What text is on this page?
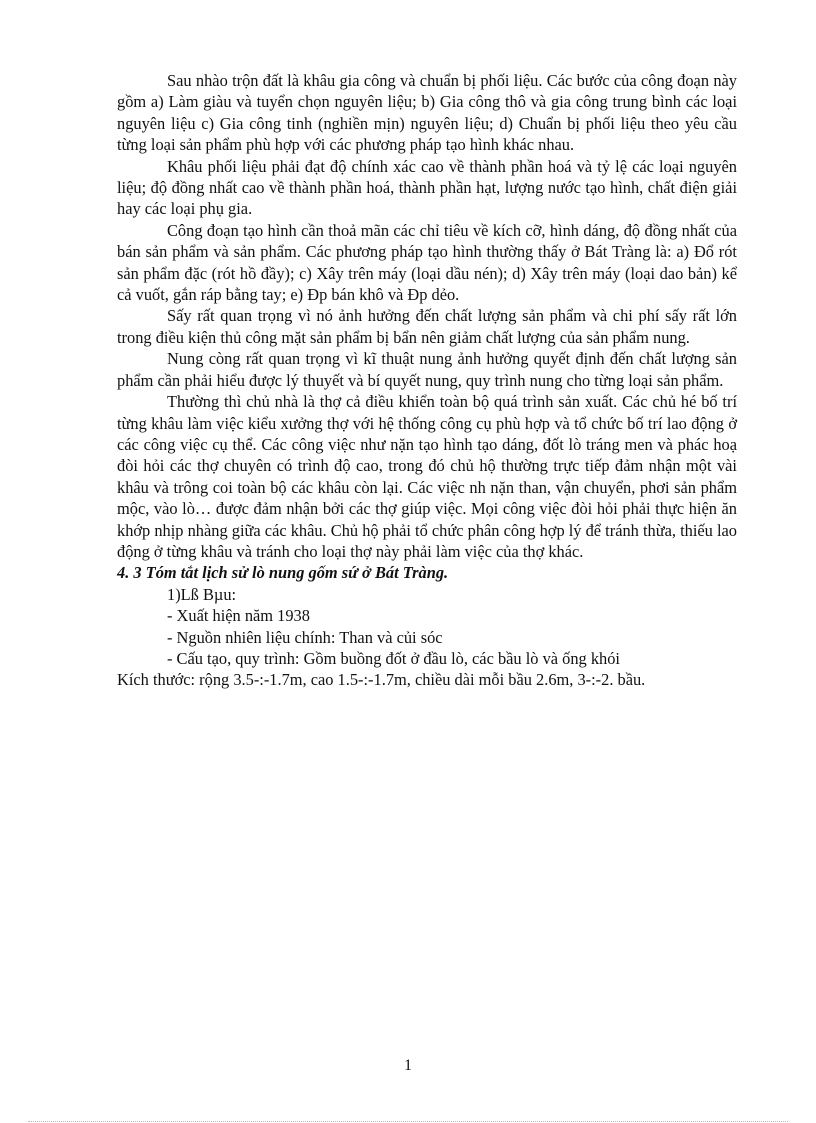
Sau nhào trộn đất là khâu gia công và chuẩn bị phối liệu. Các bước của công đoạn này gồm a) Làm giàu và tuyển chọn nguyên liệu; b) Gia công thô và gia công trung bình các loại nguyên liệu c) Gia công tinh (nghiền mịn) nguyên liệu; d) Chuẩn bị phối liệu theo yêu cầu từng loại sản phẩm phù hợp với các phương pháp tạo hình khác nhau.

Khâu phối liệu phải đạt độ chính xác cao về thành phần hoá và tỷ lệ các loại nguyên liệu; độ đồng nhất cao về thành phần hoá, thành phần hạt, lượng nước tạo hình, chất điện giải hay các loại phụ gia.

Công đoạn tạo hình cần thoả mãn các chỉ tiêu về kích cỡ, hình dáng, độ đồng nhất của bán sản phẩm và sản phẩm. Các phương pháp tạo hình thường thấy ở Bát Tràng là: a) Đổ rót sản phẩm đặc (rót hồ đầy); c) Xây trên máy (loại dầu nén); d) Xây trên máy (loại dao bản) kể cả vuốt, gắn ráp bằng tay; e) Đp bán khô và Đp dẻo.

Sấy rất quan trọng vì nó ảnh hưởng đến chất lượng sản phẩm và chi phí sấy rất lớn trong điều kiện thủ công mặt sản phẩm bị bẩn nên giảm chất lượng của sản phẩm nung.

Nung còng rất quan trọng vì kĩ thuật nung ảnh hưởng quyết định đến chất lượng sản phẩm cần phải hiểu được lý thuyết và bí quyết nung, quy trình nung cho từng loại sản phẩm.

Thường thì chủ nhà là thợ cả điều khiển toàn bộ quá trình sản xuất. Các chủ hé bố trí từng khâu làm việc kiểu xưởng thợ với hệ thống công cụ phù hợp và tổ chức bố trí lao động ở các công việc cụ thể. Các công việc như nặn tạo hình tạo dáng, đốt lò tráng men và phác hoạ đòi hỏi các thợ chuyên có trình độ cao, trong đó chủ hộ thường trực tiếp đảm nhận một vài khâu và trông coi toàn bộ các khâu còn lại. Các việc nh nặn than, vận chuyển, phơi sản phẩm mộc, vào lò… được đảm nhận bởi các thợ giúp việc. Mọi công việc đòi hỏi phải thực hiện ăn khớp nhịp nhàng giữa các khâu. Chủ hộ phải tổ chức phân công hợp lý để tránh thừa, thiếu lao động ở từng khâu và tránh cho loại thợ này phải làm việc của thợ khác.

4. 3 Tóm tắt lịch sử lò nung gốm sứ ở Bát Tràng.

1)Lß Bµu:

- Xuất hiện năm 1938

- Nguồn nhiên liệu chính: Than và củi sóc

- Cấu tạo, quy trình: Gồm buồng đốt ở đầu lò, các bầu lò và ống khói

Kích thước: rộng 3.5-:-1.7m, cao 1.5-:-1.7m, chiều dài mỗi bầu 2.6m, 3-:-2. bầu.

1
